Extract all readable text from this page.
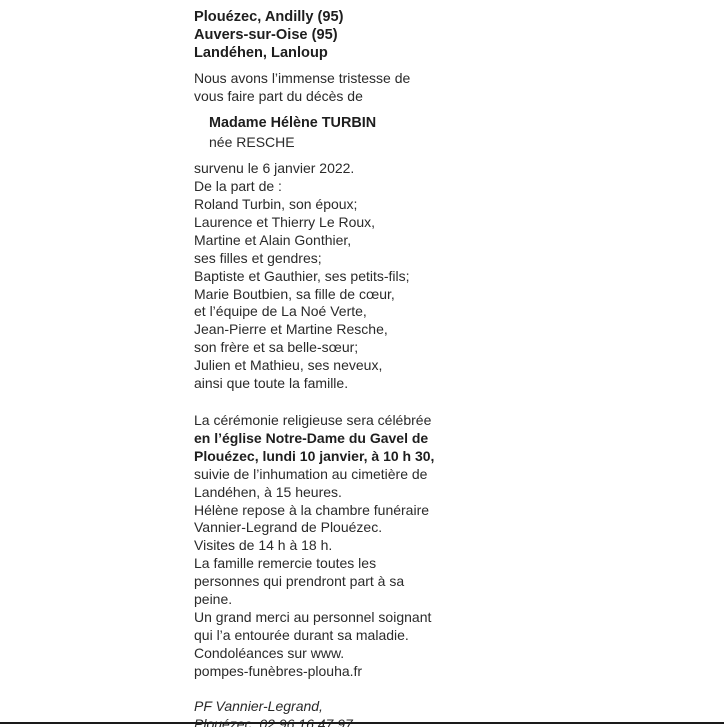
Plouézec, Andilly (95)
Auvers-sur-Oise (95)
Landéhen, Lanloup
Nous avons l’immense tristesse de
vous faire part du décès de
Madame Hélène TURBIN
née RESCHE
survenu le 6 janvier 2022.
De la part de :
Roland Turbin, son époux;
Laurence et Thierry Le Roux,
Martine et Alain Gonthier,
ses filles et gendres;
Baptiste et Gauthier, ses petits-fils;
Marie Boutbien, sa fille de cœur,
et l’équipe de La Noé Verte,
Jean-Pierre et Martine Resche,
son frère et sa belle-sœur;
Julien et Mathieu, ses neveux,
ainsi que toute la famille.
La cérémonie religieuse sera célébrée
en l’église Notre-Dame du Gavel de
Plouézec, lundi 10 janvier, à 10 h 30,
suivie de l’inhumation au cimetière de
Landéhen, à 15 heures.
Hélène repose à la chambre funéraire
Vannier-Legrand de Plouézec.
Visites de 14 h à 18 h.
La famille remercie toutes les
personnes qui prendront part à sa
peine.
Un grand merci au personnel soignant
qui l’a entourée durant sa maladie.
Condoléances sur www.
pompes-funèbres-plouha.fr
PF Vannier-Legrand,
